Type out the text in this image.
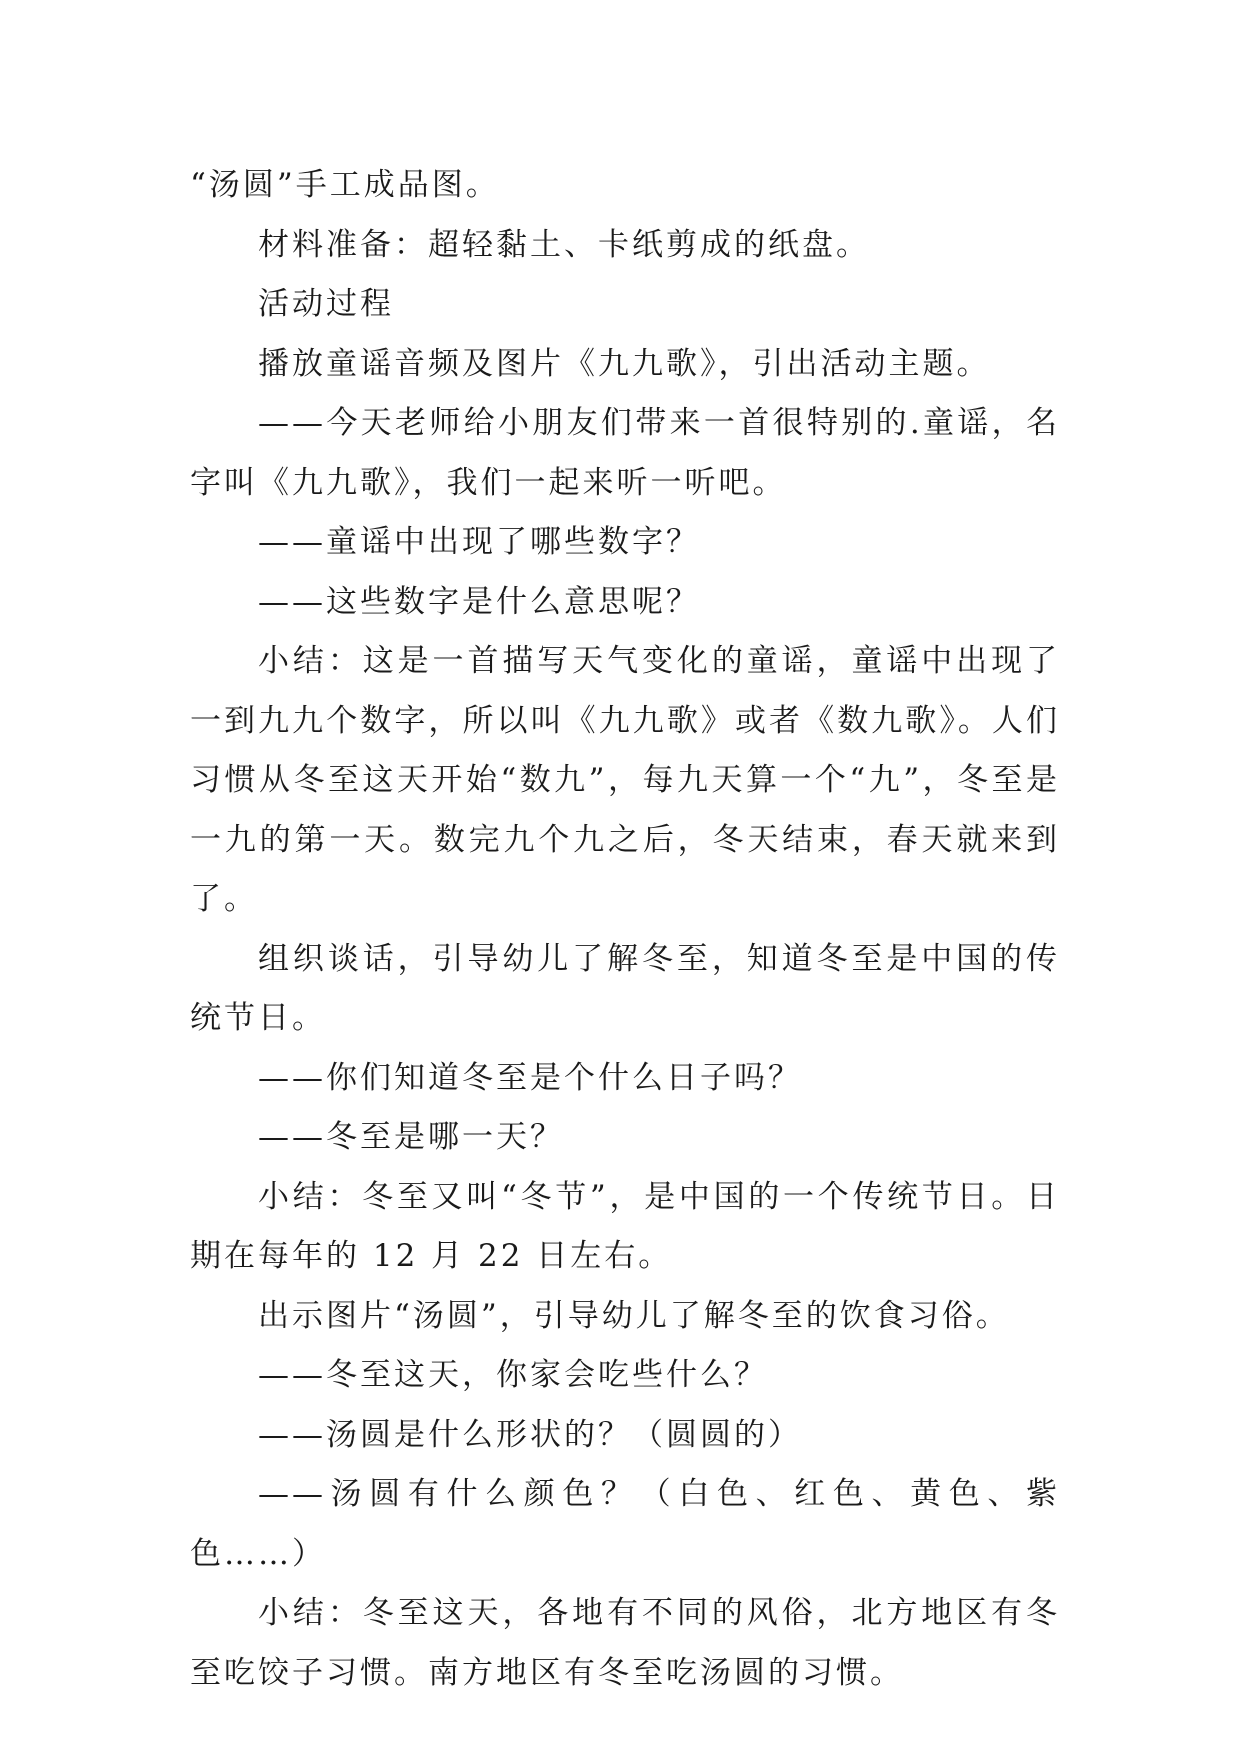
“汤圆”手工成品图。

材料准备：超轻黏土、卡纸剪成的纸盘。

活动过程

播放童谣音频及图片《九九歌》，引出活动主题。

——今天老师给小朋友们带来一首很特别的.童谣，名字叫《九九歌》，我们一起来听一听吧。

——童谣中出现了哪些数字？

——这些数字是什么意思呢？

小结：这是一首描写天气变化的童谣，童谣中出现了一到九九个数字，所以叫《九九歌》或者《数九歌》。人们习惯从冬至这天开始“数九”，每九天算一个“九”，冬至是一九的第一天。数完九个九之后，冬天结束，春天就来到了。

组织谈话，引导幼儿了解冬至，知道冬至是中国的传统节日。

——你们知道冬至是个什么日子吗？

——冬至是哪一天？

小结：冬至又叫“冬节”，是中国的一个传统节日。日期在每年的 12 月 22 日左右。

出示图片“汤圆”，引导幼儿了解冬至的饮食习俗。

——冬至这天，你家会吃些什么？

——汤圆是什么形状的？（圆圆的）

——汤圆有什么颜色？（白色、红色、黄色、紫色……）

小结：冬至这天，各地有不同的风俗，北方地区有冬至吃饺子习惯。南方地区有冬至吃汤圆的习惯。
